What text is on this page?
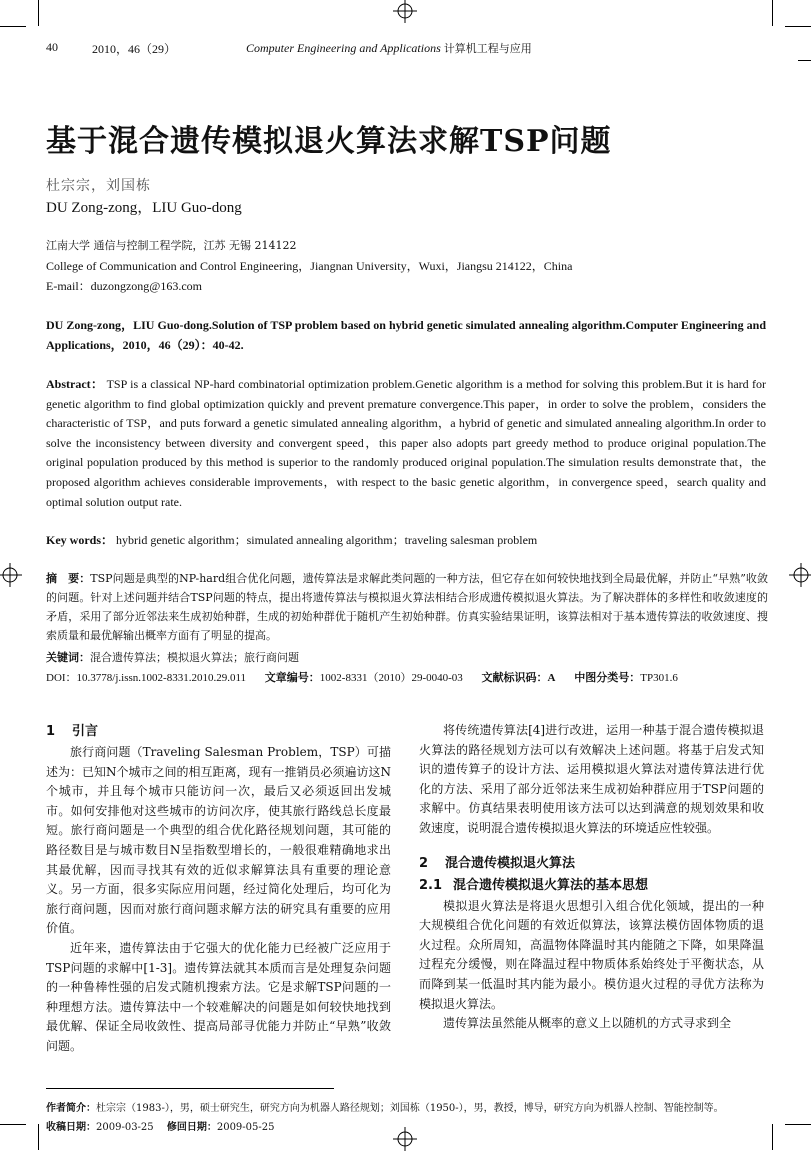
40	2010，46（29）	Computer Engineering and Applications 计算机工程与应用
基于混合遗传模拟退火算法求解TSP问题
杜宗宗，刘国栋
DU Zong-zong，LIU Guo-dong
江南大学 通信与控制工程学院，江苏 无锡 214122
College of Communication and Control Engineering，Jiangnan University，Wuxi，Jiangsu 214122，China
E-mail：duzongzong@163.com
DU Zong-zong，LIU Guo-dong.Solution of TSP problem based on hybrid genetic simulated annealing algorithm.Computer Engineering and Applications，2010，46（29）：40-42.
Abstract： TSP is a classical NP-hard combinatorial optimization problem.Genetic algorithm is a method for solving this problem.But it is hard for genetic algorithm to find global optimization quickly and prevent premature convergence.This paper，in order to solve the problem，considers the characteristic of TSP，and puts forward a genetic simulated annealing algorithm，a hybrid of genetic and simulated annealing algorithm.In order to solve the inconsistency between diversity and convergent speed，this paper also adopts part greedy method to produce original population.The original population produced by this method is superior to the randomly produced original population.The simulation results demonstrate that，the proposed algorithm achieves considerable improvements，with respect to the basic genetic algorithm，in convergence speed，search quality and optimal solution output rate.
Key words： hybrid genetic algorithm；simulated annealing algorithm；traveling salesman problem
摘　要：TSP问题是典型的NP-hard组合优化问题，遗传算法是求解此类问题的一种方法，但它存在如何较快地找到全局最优解，并防止“早熟”收敛的问题。针对上述问题并结合TSP问题的特点，提出将遗传算法与模拟退火算法相结合形成遗传模拟退火算法。为了解决群体的多样性和收敛速度的矛盾，采用了部分近邻法来生成初始种群，生成的初始种群优于随机产生初始种群。仿真实验结果证明，该算法相对于基本遗传算法的收敛速度、搜索质量和最优解输出概率方面有了明显的提高。
关键词：混合遗传算法；模拟退火算法；旅行商问题
DOI：10.3778/j.issn.1002-8331.2010.29.011 文章编号：1002-8331（2010）29-0040-03 文献标识码：A 中图分类号：TP301.6
1 引言

旅行商问题（Traveling Salesman Problem，TSP）可描述为：已知N个城市之间的相互距离，现有一推销员必须遍访这N个城市，并且每个城市只能访问一次，最后又必须返回出发城市。如何安排他对这些城市的访问次序，使其旅行路线总长度最短。旅行商问题是一个典型的组合优化路径规划问题，其可能的路径数目是与城市数目N呈指数型增长的，一般很难精确地求出其最优解，因而寻找其有效的近似求解算法具有重要的理论意义。另一方面，很多实际应用问题，经过简化处理后，均可化为旅行商问题，因而对旅行商问题求解方法的研究具有重要的应用价值。

近年来，遗传算法由于它强大的优化能力已经被广泛应用于TSP问题的求解中[1-3]。遗传算法就其本质而言是处理复杂问题的一种鲁棒性强的启发式随机搜索方法。它是求解TSP问题的一种理想方法。遗传算法中一个较难解决的问题是如何较快地找到最优解、保证全局收敛性、提高局部寻优能力并防止“早熟”收敛问题。

将传统遗传算法[4]进行改进，运用一种基于混合遗传模拟退火算法的路径规划方法可以有效解决上述问题。将基于启发式知识的遗传算子的设计方法、运用模拟退火算法对遗传算法进行优化的方法、采用了部分近邻法来生成初始种群应用于TSP问题的求解中。仿真结果表明使用该方法可以达到满意的规划效果和收敛速度，说明混合遗传模拟退火算法的环境适应性较强。

2 混合遗传模拟退火算法
2.1 混合遗传模拟退火算法的基本思想

模拟退火算法是将退火思想引入组合优化领域，提出的一种大规模组合优化问题的有效近似算法，该算法模仿固体物质的退火过程。众所周知，高温物体降温时其内能随之下降，如果降温过程充分缓慢，则在降温过程中物质体系始终处于平衡状态，从而降到某一低温时其内能为最小。模仿退火过程的寻优方法称为模拟退火算法。

遗传算法虽然能从概率的意义上以随机的方式寻求到全

作者简介：杜宗宗（1983-），男，硕士研究生，研究方向为机器人路径规划；刘国栋（1950-），男，教授，博导，研究方向为机器人控制、智能控制等。
收稿日期：2009-03-25 修回日期：2009-05-25
